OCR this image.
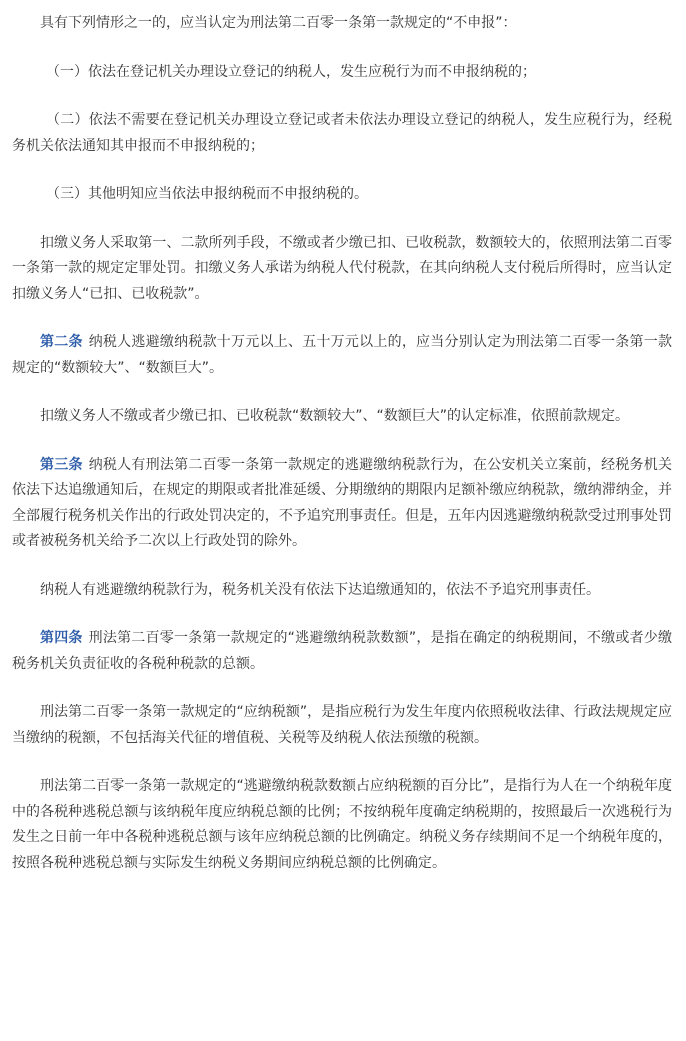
具有下列情形之一的，应当认定为刑法第二百零一条第一款规定的“不申报”：

（一）依法在登记机关办理设立登记的纳税人，发生应税行为而不申报纳税的；

（二）依法不需要在登记机关办理设立登记或者未依法办理设立登记的纳税人，发生应税行为，经税务机关依法通知其申报而不申报纳税的；

（三）其他明知应当依法申报纳税而不申报纳税的。

扣缴义务人采取第一、二款所列手段，不缴或者少缴已扣、已收税款，数额较大的，依照刑法第二百零一条第一款的规定定罪处罚。扣缴义务人承诺为纳税人代付税款，在其向纳税人支付税后所得时，应当认定扣缴义务人“已扣、已收税款”。

第二条 纳税人逃避缴纳税款十万元以上、五十万元以上的，应当分别认定为刑法第二百零一条第一款规定的“数额较大”、“数额巨大”。

扣缴义务人不缴或者少缴已扣、已收税款“数额较大”、“数额巨大”的认定标准，依照前款规定。

第三条 纳税人有刑法第二百零一条第一款规定的逃避缴纳税款行为，在公安机关立案前，经税务机关依法下达追缴通知后，在规定的期限或者批准延缓、分期缴纳的期限内足额补缴应纳税款，缴纳滞纳金，并全部履行税务机关作出的行政处罚决定的，不予追究刑事责任。但是，五年内因逃避缴纳税款受过刑事处罚或者被税务机关给予二次以上行政处罚的除外。

纳税人有逃避缴纳税款行为，税务机关没有依法下达追缴通知的，依法不予追究刑事责任。

第四条 刑法第二百零一条第一款规定的“逃避缴纳税款数额”，是指在确定的纳税期间，不缴或者少缴税务机关负责征收的各税种税款的总额。

刑法第二百零一条第一款规定的“应纳税额”，是指应税行为发生年度内依照税收法律、行政法规规定应当缴纳的税额，不包括海关代征的增值税、关税等及纳税人依法预缴的税额。

刑法第二百零一条第一款规定的“逃避缴纳税款数额占应纳税额的百分比”，是指行为人在一个纳税年度中的各税种逃税总额与该纳税年度应纳税总额的比例；不按纳税年度确定纳税期的，按照最后一次逃税行为发生之日前一年中各税种逃税总额与该年应纳税总额的比例确定。纳税义务存续期间不足一个纳税年度的，按照各税种逃税总额与实际发生纳税义务期间应纳税总额的比例确定。
